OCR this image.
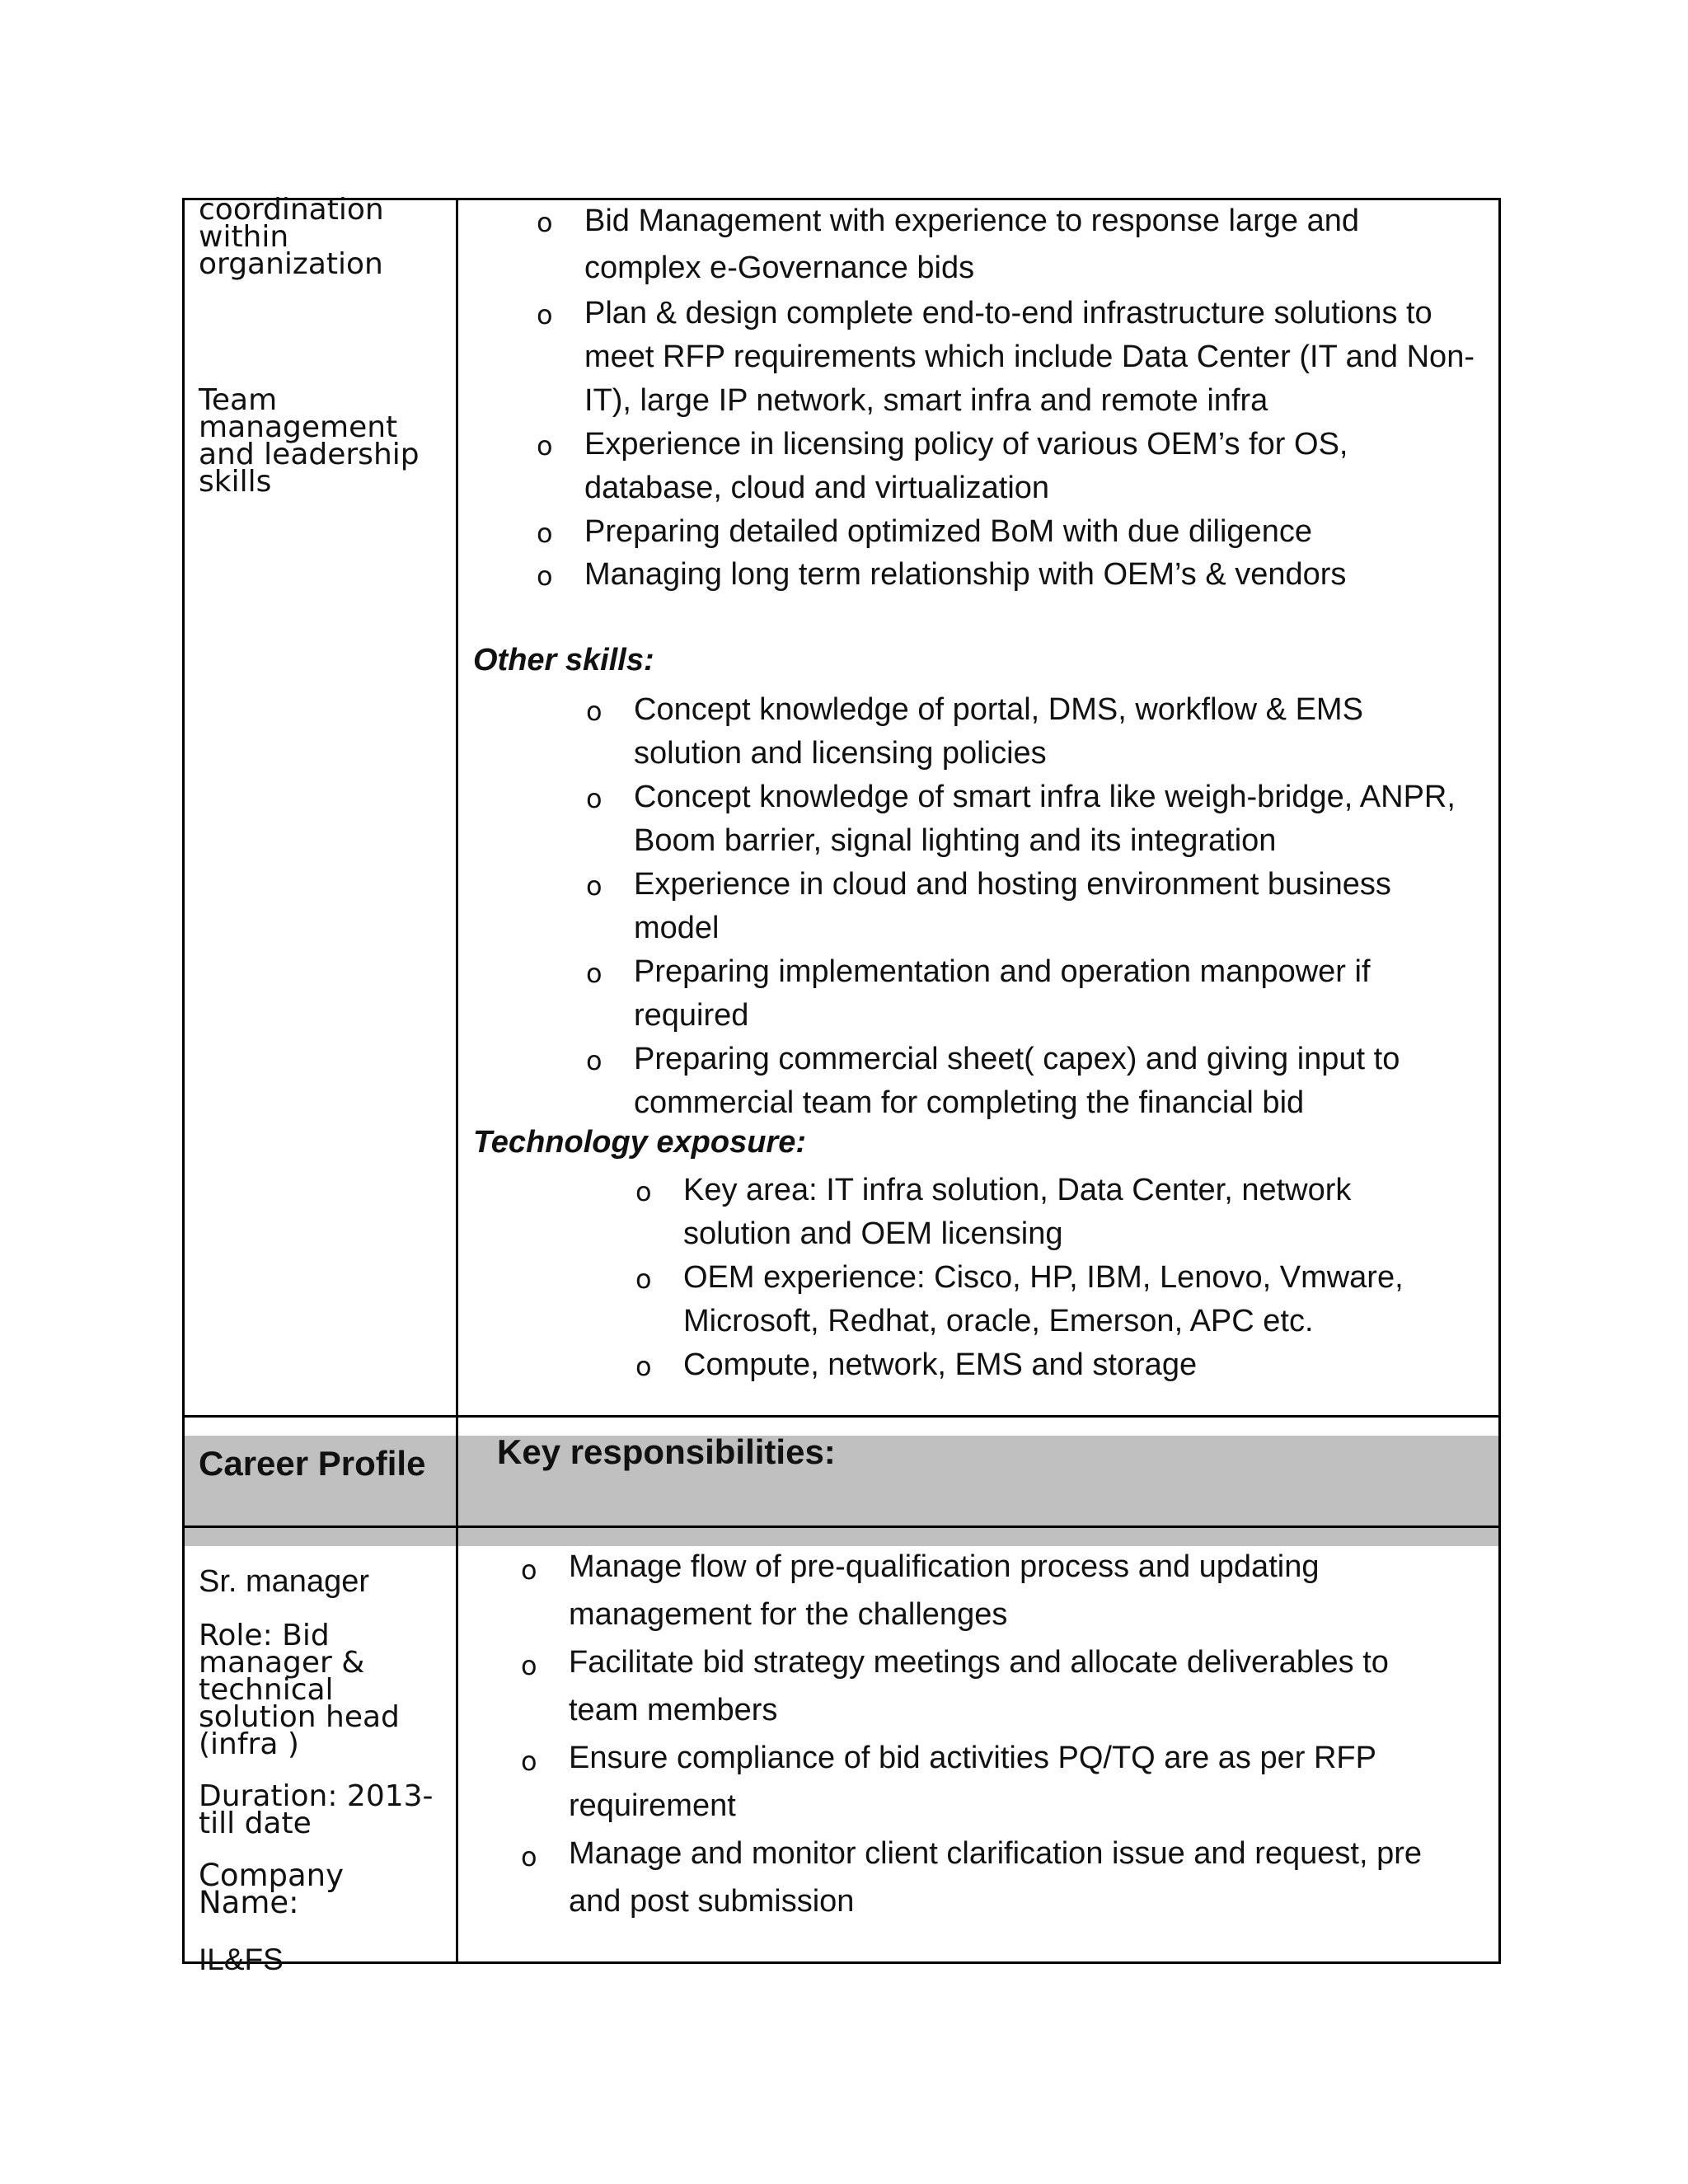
coordination within organization

Team management and leadership skills

o Bid Management with experience to response large and complex e-Governance bids
o Plan & design complete end-to-end infrastructure solutions to meet RFP requirements which include Data Center (IT and Non-IT), large IP network, smart infra and remote infra
o Experience in licensing policy of various OEM’s for OS, database, cloud and virtualization
o Preparing detailed optimized BoM with due diligence
o Managing long term relationship with OEM’s & vendors
Other skills:
o Concept knowledge of portal, DMS, workflow & EMS solution and licensing policies
o Concept knowledge of smart infra like weigh-bridge, ANPR, Boom barrier, signal lighting and its integration
o Experience in cloud and hosting environment business model
o Preparing implementation and operation manpower if required
o Preparing commercial sheet( capex) and giving input to commercial team for completing the financial bid
Technology exposure:
o Key area: IT infra solution, Data Center, network solution and OEM licensing
o OEM experience: Cisco, HP, IBM, Lenovo, Vmware, Microsoft, Redhat, oracle, Emerson, APC etc.
o Compute, network, EMS and storage
Career Profile Key responsibilities:

Sr. manager

Role: Bid manager & technical solution head (infra )

Duration: 2013- till date

Company Name:

IL&FS

o Manage flow of pre-qualification process and updating management for the challenges
o Facilitate bid strategy meetings and allocate deliverables to team members
o Ensure compliance of bid activities PQ/TQ are as per RFP requirement
o Manage and monitor client clarification issue and request, pre and post submission
